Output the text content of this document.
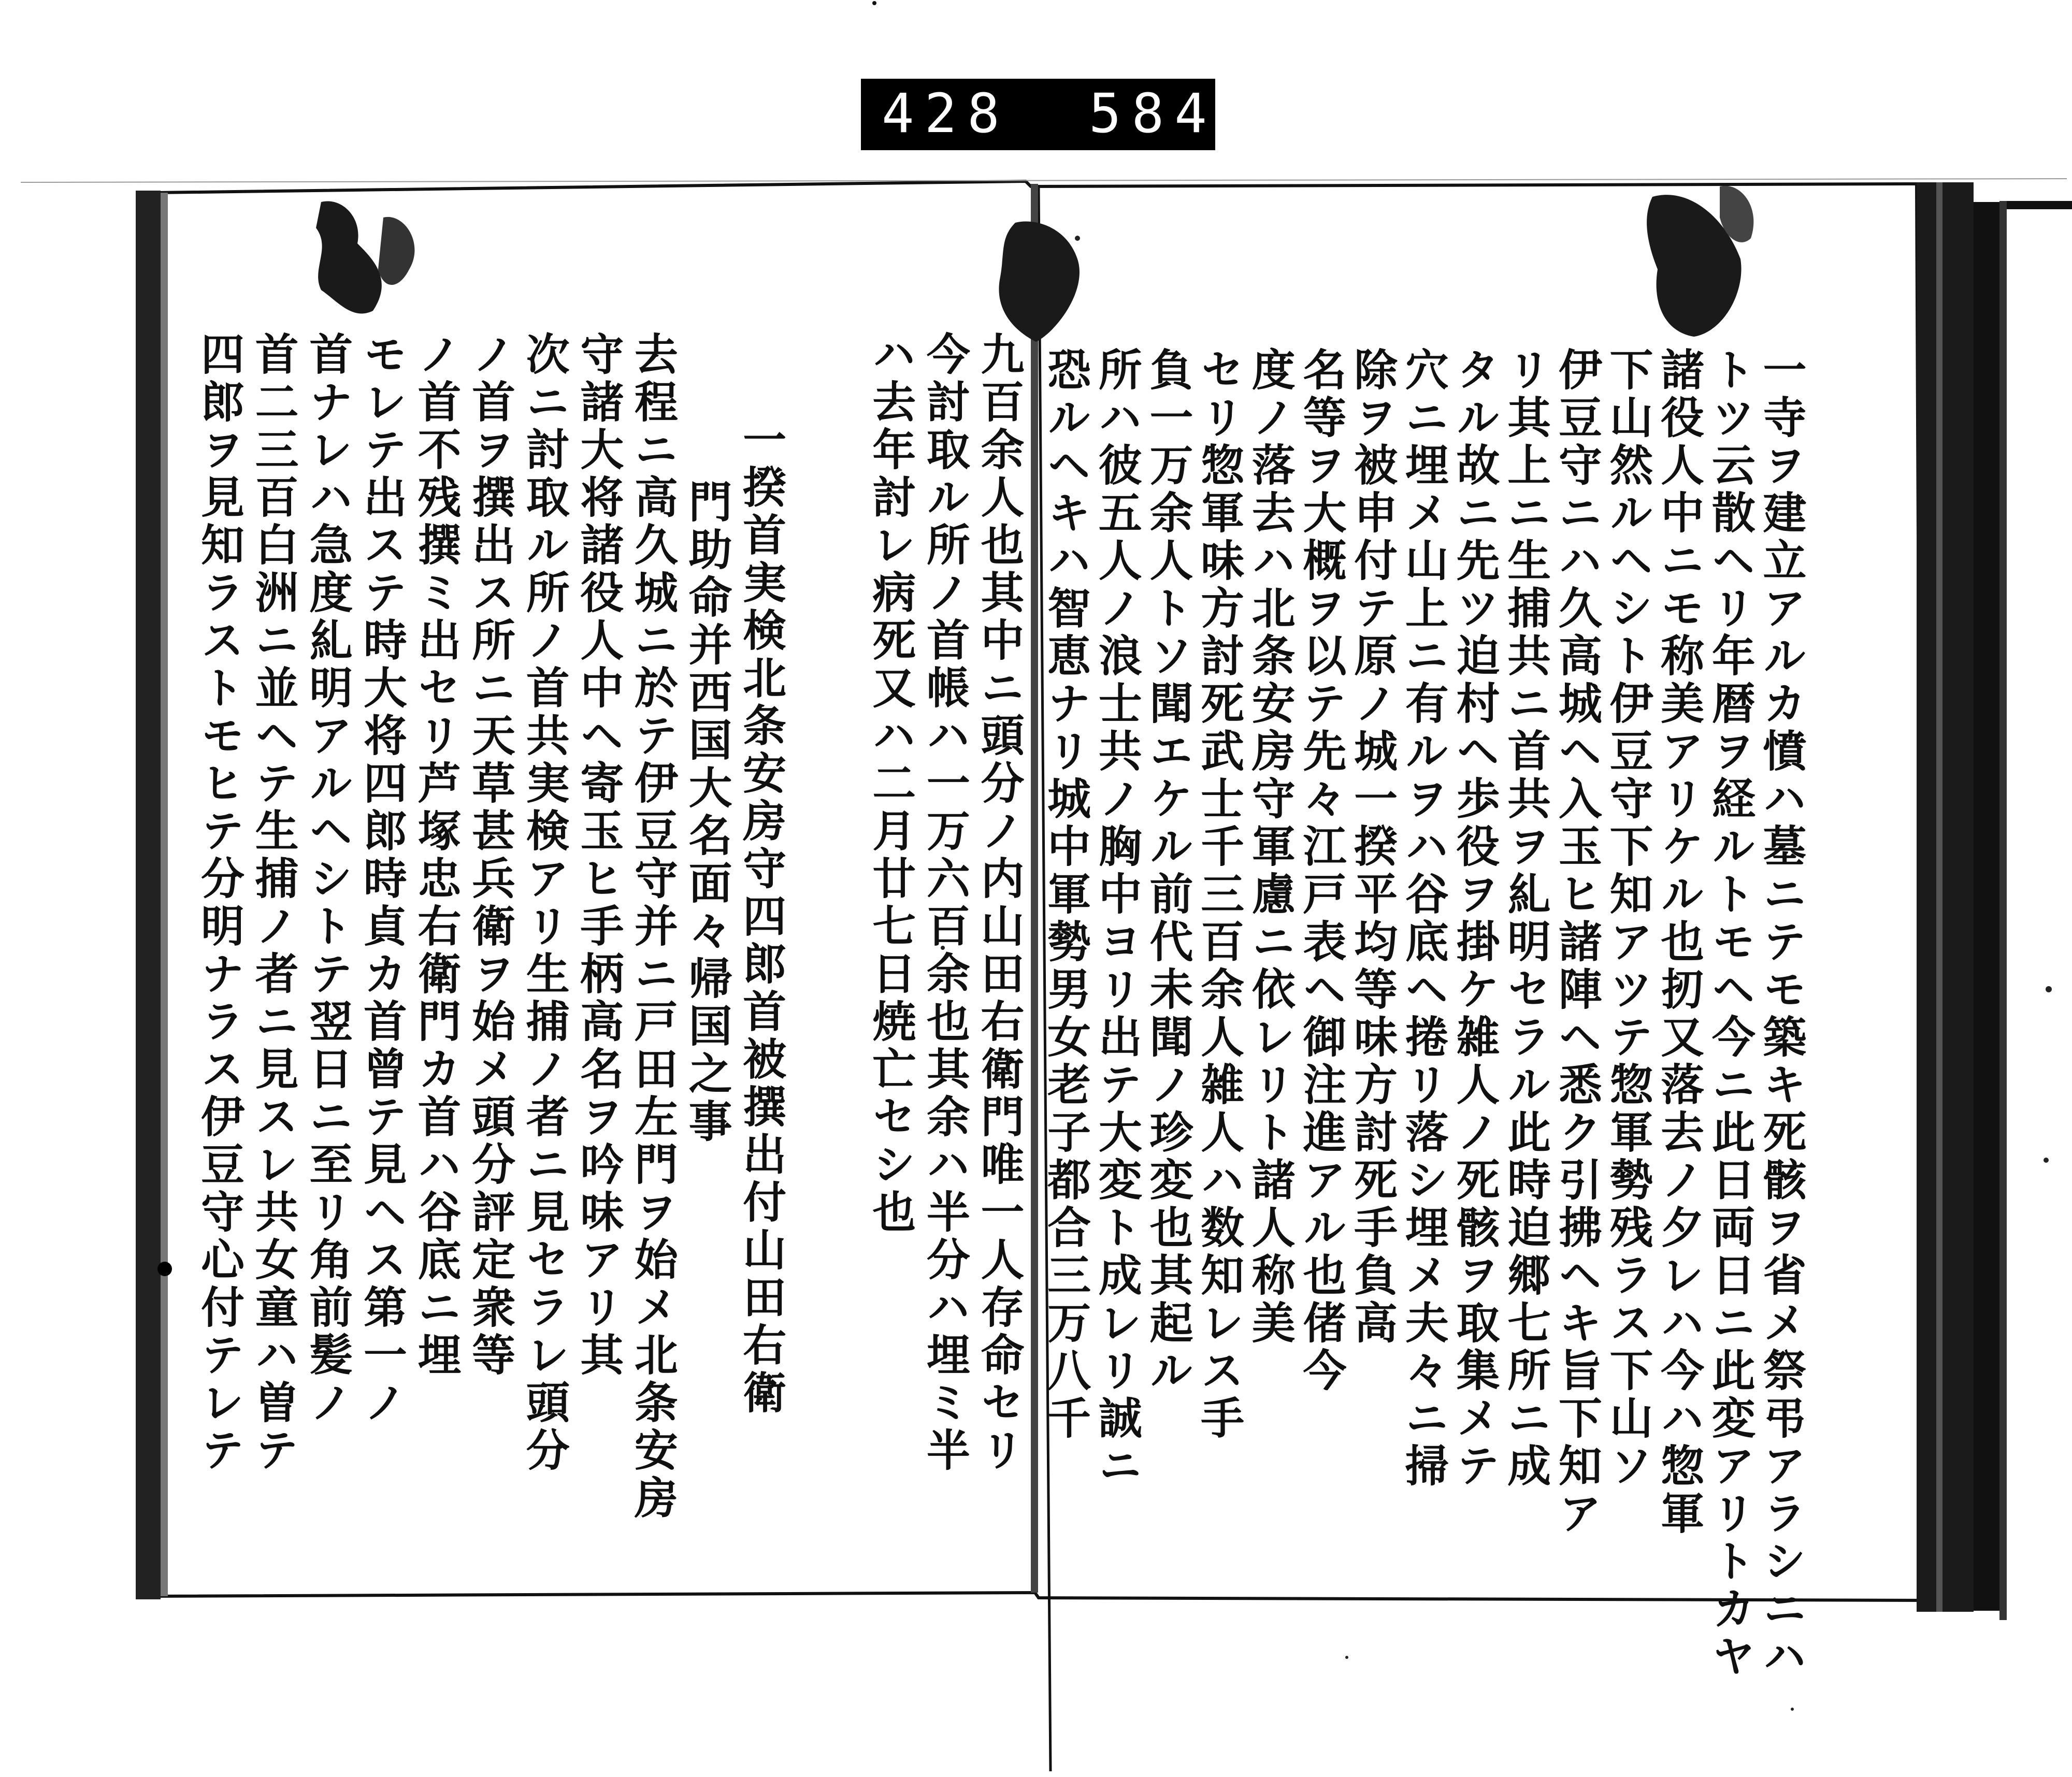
428 584.
一寺ヲ建立アルカ憤ハ墓ニテモ築キ死骸ヲ省メ祭弔アラシニハ
トツ云散ヘリ年暦ヲ経ルトモヘ今ニ此日両日ニ此変アリトカヤ
諸役人中ニモ称美アリケル也扨又落去ノ夕レハ今ハ惣軍
下山然ルヘシト伊豆守下知アツテ惣軍勢残ラス下山ソ
伊豆守ニハ久高城ヘ入玉ヒ諸陣ヘ悉ク引拂ヘキ旨下知ア
リ其上ニ生捕共ニ首共ヲ糺明セラル此時迫郷七所ニ成
タル故ニ先ツ迫村ヘ歩役ヲ掛ケ雑人ノ死骸ヲ取集メテ
穴ニ埋メ山上ニ有ルヲハ谷底ヘ捲リ落シ埋メ夫々ニ掃
除ヲ被申付テ原ノ城一揆平均等味方討死手負高
名等ヲ大概ヲ以テ先々江戸表ヘ御注進アル也偖今
度ノ落去ハ北条安房守軍慮ニ依レリト諸人称美
セリ惣軍味方討死武士千三百余人雑人ハ数知レス手
負一万余人トソ聞エケル前代未聞ノ珍変也其起ル
所ハ彼五人ノ浪士共ノ胸中ヨリ出テ大変ト成レリ誠ニ
恐ルヘキハ智恵ナリ城中軍勢男女老子都合三万八千
九百余人也其中ニ頭分ノ内山田右衛門唯一人存命セリ
今討取ル所ノ首帳ハ一万六百余也其余ハ半分ハ埋ミ半
ハ去年討レ病死又ハ二月廿七日焼亡セシ也
一揆首実検北条安房守四郎首被撰出付山田右衛
門助命并西国大名面々帰国之事
去程ニ高久城ニ於テ伊豆守并ニ戸田左門ヲ始メ北条安房
守諸大将諸役人中ヘ寄玉ヒ手柄高名ヲ吟味アリ其
次ニ討取ル所ノ首共実検アリ生捕ノ者ニ見セラレ頭分
ノ首ヲ撰出ス所ニ天草甚兵衛ヲ始メ頭分評定衆等
ノ首不残撰ミ出セリ芦塚忠右衛門カ首ハ谷底ニ埋
モレテ出ステ時大将四郎時貞カ首曾テ見ヘス第一ノ
首ナレハ急度糺明アルヘシトテ翌日ニ至リ角前髪ノ
首二三百白洲ニ並ヘテ生捕ノ者ニ見スレ共女童ハ曽テ
四郎ヲ見知ラストモヒテ分明ナラス伊豆守心付テレテ
